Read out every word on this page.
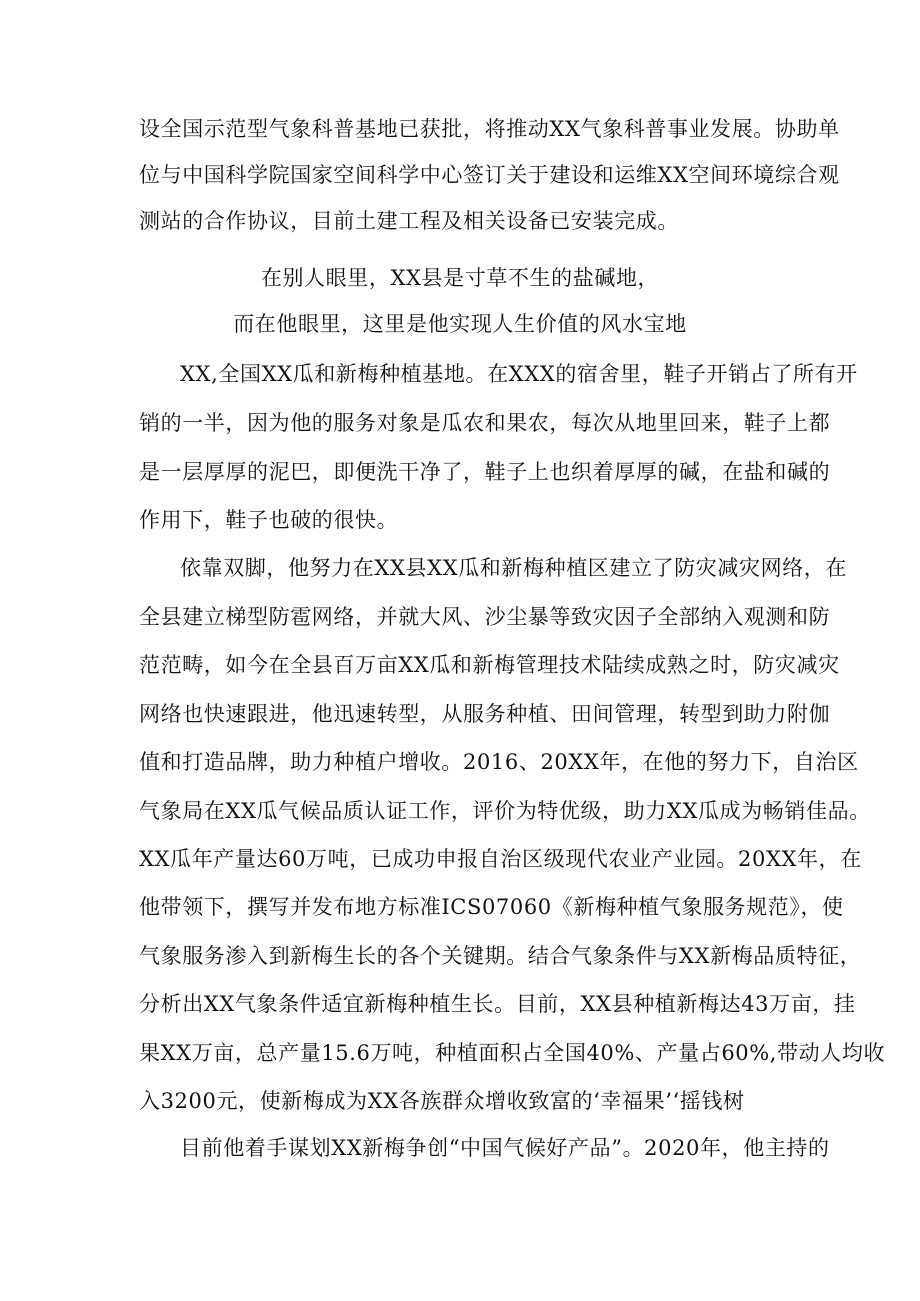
设全国示范型气象科普基地已获批，将推动XX气象科普事业发展。协助单
位与中国科学院国家空间科学中心签订关于建设和运维XX空间环境综合观
测站的合作协议，目前土建工程及相关设备已安装完成。
在别人眼里，XX县是寸草不生的盐碱地，
而在他眼里，这里是他实现人生价值的风水宝地
XX,全国XX瓜和新梅种植基地。在XXX的宿舍里，鞋子开销占了所有开
销的一半，因为他的服务对象是瓜农和果农，每次从地里回来，鞋子上都
是一层厚厚的泥巴，即便洗干净了，鞋子上也织着厚厚的碱，在盐和碱的
作用下，鞋子也破的很快。
依靠双脚，他努力在XX县XX瓜和新梅种植区建立了防灾减灾网络，在
全县建立梯型防雹网络，并就大风、沙尘暴等致灾因子全部纳入观测和防
范范畴，如今在全县百万亩XX瓜和新梅管理技术陆续成熟之时，防灾减灾
网络也快速跟进，他迅速转型，从服务种植、田间管理，转型到助力附伽
值和打造品牌，助力种植户增收。2016、20XX年，在他的努力下，自治区
气象局在XX瓜气候品质认证工作，评价为特优级，助力XX瓜成为畅销佳品。
XX瓜年产量达60万吨，已成功申报自治区级现代农业产业园。20XX年，在
他带领下，撰写并发布地方标准ICS07060《新梅种植气象服务规范》，使
气象服务渗入到新梅生长的各个关键期。结合气象条件与XX新梅品质特征，
分析出XX气象条件适宜新梅种植生长。目前，XX县种植新梅达43万亩，挂
果XX万亩，总产量15.6万吨，种植面积占全国40%、产量占60%,带动人均收
入3200元，使新梅成为XX各族群众增收致富的‘幸福果’‘摇钱树
目前他着手谋划XX新梅争创“中国气候好产品”。2020年，他主持的
